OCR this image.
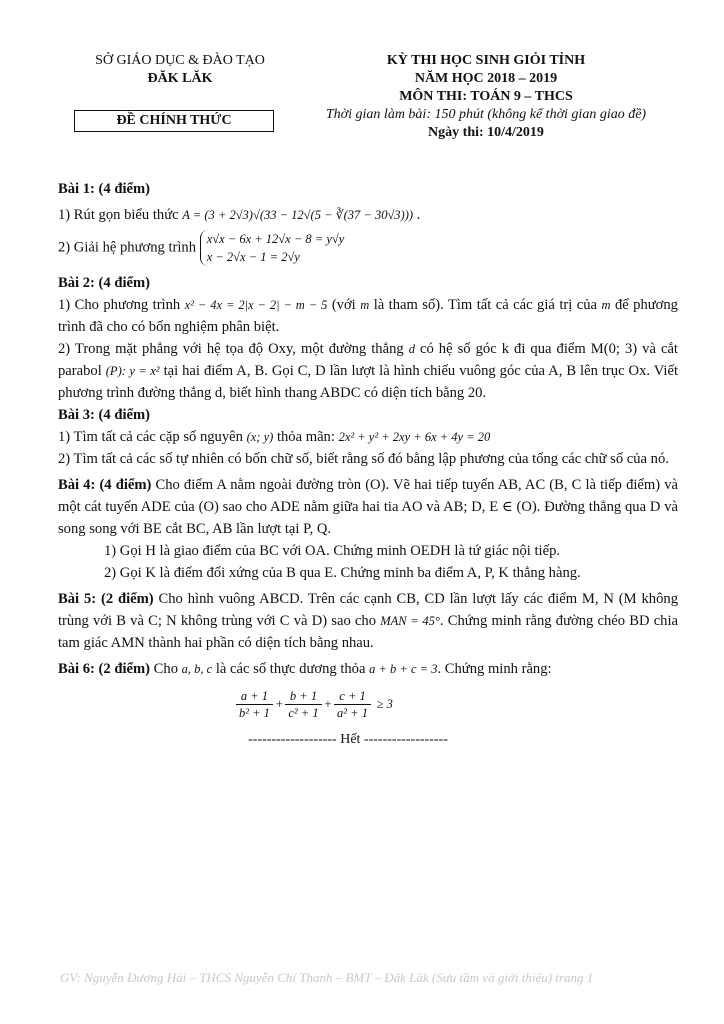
SỞ GIÁO DỤC & ĐÀO TẠO
ĐĂK LĂK
ĐỀ CHÍNH THỨC
KỲ THI HỌC SINH GIỎI TỈNH
NĂM HỌC 2018 – 2019
MÔN THI: TOÁN 9 – THCS
Thời gian làm bài: 150 phút (không kể thời gian giao đề)
Ngày thi: 10/4/2019
Bài 1: (4 điểm)
1) Rút gọn biểu thức A = (3 + 2√3)√(33 − 12√(5 − ∛(37 − 30√3))) .
2) Giải hệ phương trình
x√x − 6x + 12√x − 8 = y√y
x − 2√x − 1 = 2√y
Bài 2: (4 điểm)

1) Cho phương trình x² − 4x = 2|x − 2| − m − 5 (với m là tham số). Tìm tất cả các giá trị của m để phương trình đã cho có bốn nghiệm phân biệt.

2) Trong mặt phẳng với hệ tọa độ Oxy, một đường thẳng d có hệ số góc k đi qua điểm M(0; 3) và cắt parabol (P): y = x² tại hai điểm A, B. Gọi C, D lần lượt là hình chiếu vuông góc của A, B lên trục Ox. Viết phương trình đường thẳng d, biết hình thang ABDC có diện tích bằng 20.

Bài 3: (4 điểm)
1) Tìm tất cả các cặp số nguyên (x; y) thỏa mãn: 2x² + y² + 2xy + 6x + 4y = 20

2) Tìm tất cả các số tự nhiên có bốn chữ số, biết rằng số đó bằng lập phương của tổng các chữ số của nó.

Bài 4: (4 điểm) Cho điểm A nằm ngoài đường tròn (O). Vẽ hai tiếp tuyến AB, AC (B, C là tiếp điểm) và một cát tuyến ADE của (O) sao cho ADE nằm giữa hai tia AO và AB; D, E ∈ (O). Đường thẳng qua D và song song với BE cắt BC, AB lần lượt tại P, Q.

1) Gọi H là giao điểm của BC với OA. Chứng minh OEDH là tứ giác nội tiếp.
2) Gọi K là điểm đối xứng của B qua E. Chứng minh ba điểm A, P, K thẳng hàng.

Bài 5: (2 điểm) Cho hình vuông ABCD. Trên các cạnh CB, CD lần lượt lấy các điểm M, N (M không trùng với B và C; N không trùng với C và D) sao cho MAN = 45°. Chứng minh rằng đường chéo BD chia tam giác AMN thành hai phần có diện tích bằng nhau.

Bài 6: (2 điểm) Cho a, b, c là các số thực dương thỏa a + b + c = 3. Chứng minh rằng:
$\frac{a + 1}{\text{b² + 1}} + \frac{b + 1}{\text{c² + 1}} + \frac{c + 1}{\text{a² + 1}} \ge 3$
------------------- Hết ------------------
GV: Nguyễn Dương Hải – THCS Nguyễn Chí Thanh – BMT – Đăk Lăk (Sưu tầm và giới thiệu) trang 1
